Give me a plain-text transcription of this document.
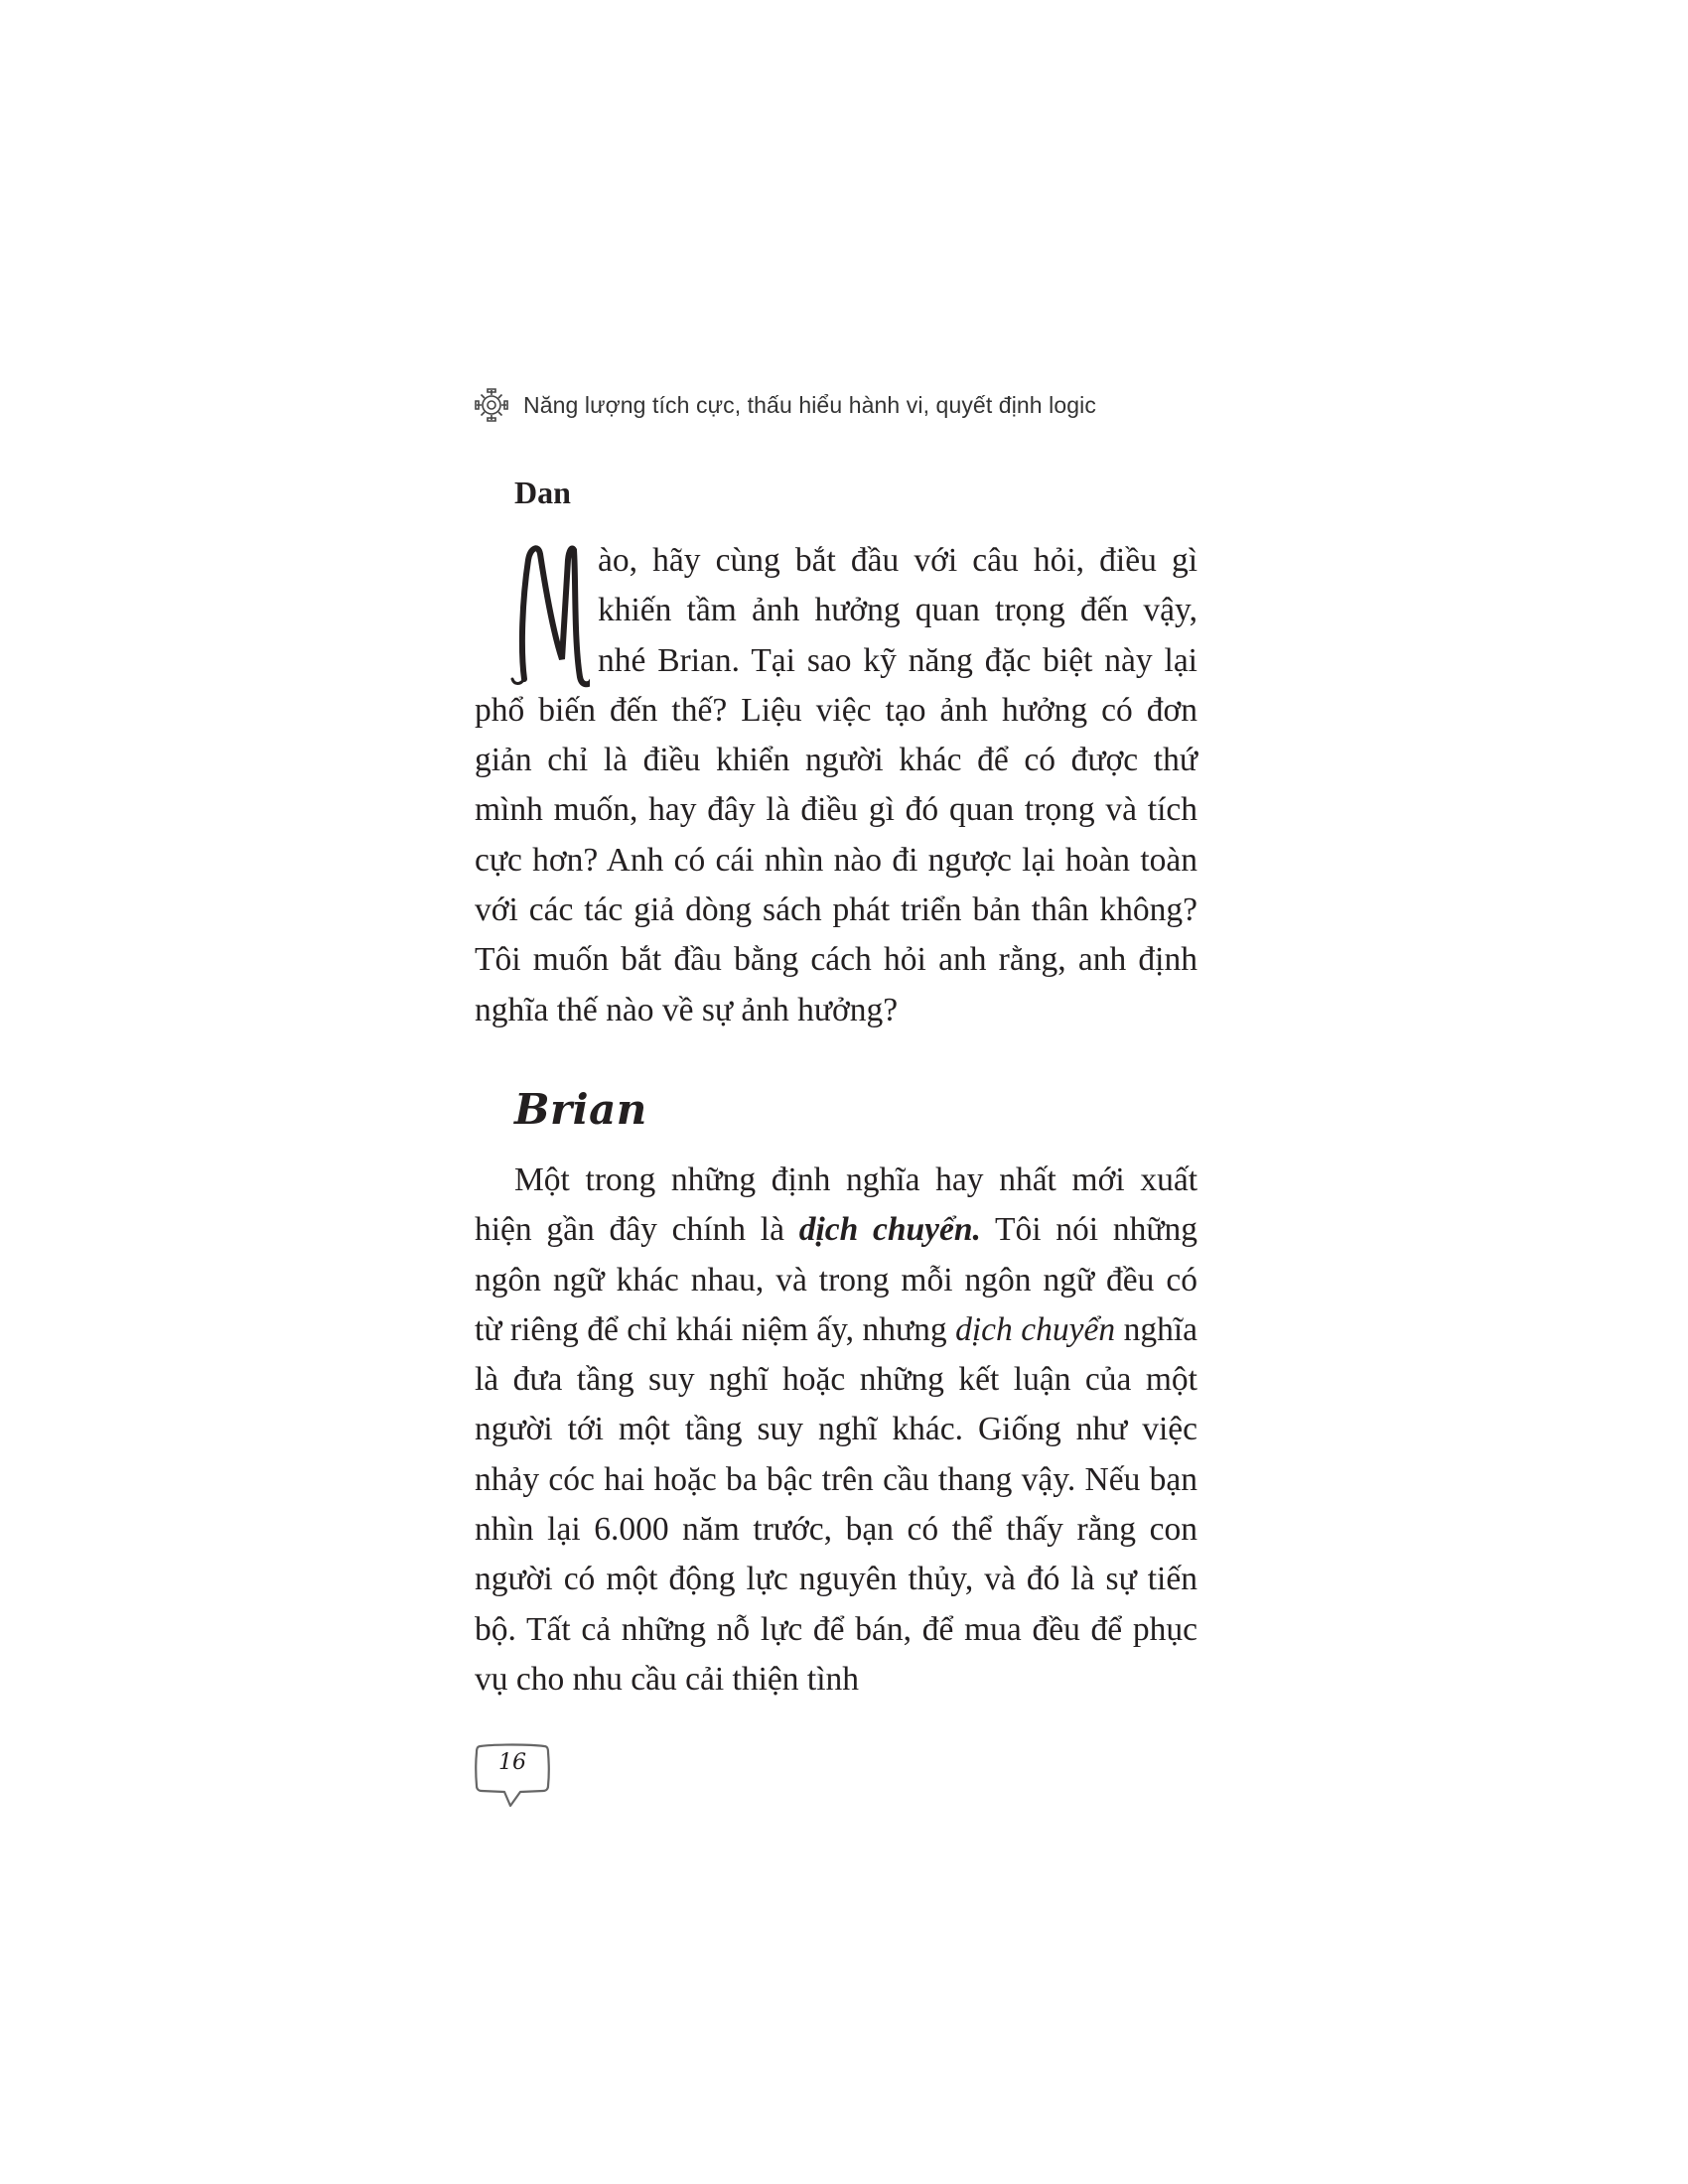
Năng lượng tích cực, thấu hiểu hành vi, quyết định logic
Dan
ào, hãy cùng bắt đầu với câu hỏi, điều gì khiến tầm ảnh hưởng quan trọng đến vậy, nhé Brian. Tại sao kỹ năng đặc biệt này lại phổ biến đến thế? Liệu việc tạo ảnh hưởng có đơn giản chỉ là điều khiển người khác để có được thứ mình muốn, hay đây là điều gì đó quan trọng và tích cực hơn? Anh có cái nhìn nào đi ngược lại hoàn toàn với các tác giả dòng sách phát triển bản thân không? Tôi muốn bắt đầu bằng cách hỏi anh rằng, anh định nghĩa thế nào về sự ảnh hưởng?
Brian
Một trong những định nghĩa hay nhất mới xuất hiện gần đây chính là dịch chuyển. Tôi nói những ngôn ngữ khác nhau, và trong mỗi ngôn ngữ đều có từ riêng để chỉ khái niệm ấy, nhưng dịch chuyển nghĩa là đưa tầng suy nghĩ hoặc những kết luận của một người tới một tầng suy nghĩ khác. Giống như việc nhảy cóc hai hoặc ba bậc trên cầu thang vậy. Nếu bạn nhìn lại 6.000 năm trước, bạn có thể thấy rằng con người có một động lực nguyên thủy, và đó là sự tiến bộ. Tất cả những nỗ lực để bán, để mua đều để phục vụ cho nhu cầu cải thiện tình
16
